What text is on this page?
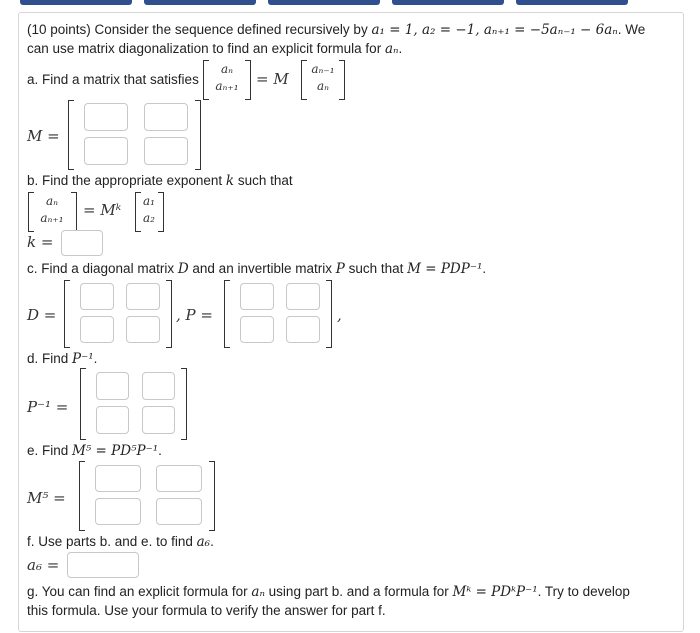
(10 points) Consider the sequence defined recursively by a₁ = 1, a₂ = −1, aₙ₊₁ = −5aₙ₋₁ − 6aₙ. We
can use matrix diagonalization to find an explicit formula for aₙ.
a. Find a matrix that satisfies
aₙ
aₙ₊₁	= M
aₙ₋₁
aₙ
M =
b. Find the appropriate exponent k such that
aₙ
aₙ₊₁	= Mᵏ	a₁
a₂
k =
c. Find a diagonal matrix D and an invertible matrix P such that M = PDP⁻¹.
D =	, P =	,
d. Find P⁻¹.
P⁻¹ =
e. Find M⁵ = PD⁵P⁻¹.
M⁵ =
f. Use parts b. and e. to find a₆.
a₆ =
g. You can find an explicit formula for aₙ using part b. and a formula for Mᵏ = PDᵏP⁻¹. Try to develop
this formula. Use your formula to verify the answer for part f.
